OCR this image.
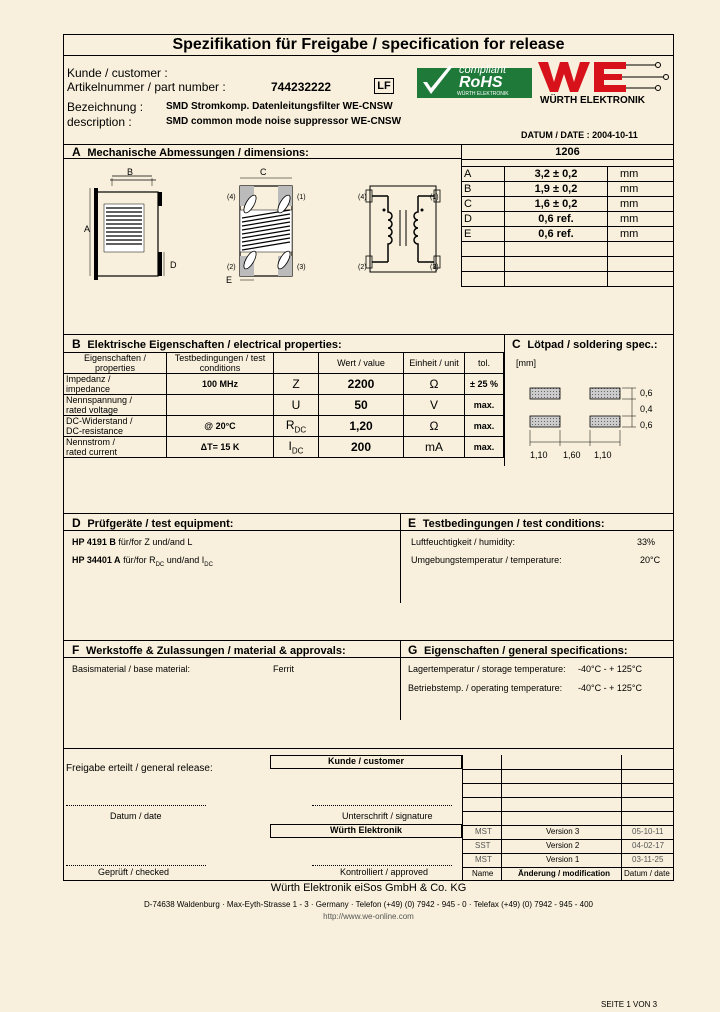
Spezifikation für Freigabe / specification for release
Kunde / customer :
Artikelnummer / part number :	744232222	LF
Bezeichnung : SMD Stromkomp. Datenleitungsfilter WE-CNSW
description :	SMD common mode noise suppressor WE-CNSW
compliant
RoHS
WÜRTH ELEKTRONIK
WÜRTH ELEKTRONIK
DATUM / DATE : 2004-10-11
A Mechanische Abmessungen / dimensions:
B
A
D
C
E
(4)	(1)
(2)	(3)
(4)	(1)
(2)	(3)
1206		

A	3,2 ± 0,2	mm
B	1,9 ± 0,2	mm
C	1,6 ± 0,2	mm
D	0,6 ref.	mm
E	0,6 ref.	mm

B Elektrische Eigenschaften / electrical properties:
Eigenschaften / properties	Testbedingungen / test conditions		Wert / value	Einheit / unit	tol.
Impedanz /
impedance	100 MHz	Z	2200	Ω	± 25 %
Nennspannung /
rated voltage		U	50	V	max.
DC-Widerstand /
DC-resistance	@ 20°C	$R_{DC}$	1,20	Ω	max.
Nennstrom /
rated current	ΔT= 15 K	$I_{DC}$	200	mA	max.
C Lötpad / soldering spec.:
[mm]
0,6
0,4
0,6
1,10 1,60 1,10
D Prüfgeräte / test equipment:
HP 4191 B für/for Z und/and L
HP 34401 A für/for $R_{DC}$ und/and $I_{DC}$
E Testbedingungen / test conditions:
Luftfeuchtigkeit / humidity:	33%
Umgebungstemperatur / temperature:	20°C
F Werkstoffe & Zulassungen / material & approvals:
Basismaterial / base material:	Ferrit
G Eigenschaften / general specifications:
Lagertemperatur / storage temperature: -40°C - + 125°C
Betriebstemp. / operating temperature: -40°C - + 125°C
Freigabe erteilt / general release:
Kunde / customer
Datum / date	Unterschrift / signature
Würth Elektronik
Geprüft / checked	Kontrolliert / approved
MST	Version 3	05-10-11
SST	Version 2	04-02-17
MST	Version 1	03-11-25
Name	Änderung / modification Datum / date
Würth Elektronik eiSos GmbH & Co. KG
D-74638 Waldenburg · Max-Eyth-Strasse 1 - 3 · Germany · Telefon (+49) (0) 7942 - 945 - 0 · Telefax (+49) (0) 7942 - 945 - 400
http://www.we-online.com
SEITE 1 VON 3
